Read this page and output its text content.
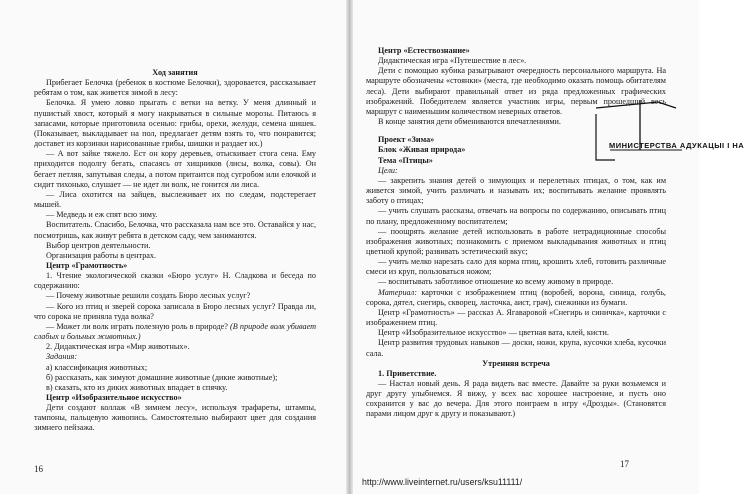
Ход занятия

Прибегает Белочка (ребенок в костюме Белочки), здоровается, рассказывает ребятам о том, как живется зимой в лесу:

Белочка. Я умею ловко прыгать с ветки на ветку. У меня длинный и пушистый хвост, который я могу накрываться в сильные морозы. Питаюсь я запасами, которые приготовила осенью: грибы, орехи, желуди, семена шишек. (Показывает, выкладывает на пол, предлагает детям взять то, что понравится; доставет из корзинки нарисованные грибы, шишки и раздает их.)

— А вот зайке тяжело. Ест он кору деревьев, отыскивает стога сена. Ему приходится подолгу бегать, спасаясь от хищников (лисы, волка, совы). Он бегает петляя, запутывая следы, а потом притаится под сугробом или елочкой и сидит тихонько, слушает — не идет ли волк, не гонится ли лиса.

— Лиса охотится на зайцев, выслеживает их по следам, подстерегает мышей.

— Медведь и еж спят всю зиму.

Воспитатель. Спасибо, Белочка, что рассказала нам все это. Оставайся у нас, посмотришь, как живут ребята в детском саду, чем занимаются.

Выбор центров деятельности.

Организация работы в центрах.

Центр «Грамотность»

1. Чтение экологической сказки «Бюро услуг» Н. Сладкова и беседа по содержанию:

— Почему животные решили создать Бюро лесных услуг?

— Кого из птиц и зверей сорока записала в Бюро лесных услуг? Правда ли, что сорока не приняла туда волка?

— Может ли волк играть полезную роль в природе? (В природе волк убивает слабых и больных животных.)

2. Дидактическая игра «Мир животных».

Задания:

а) классификация животных;

б) рассказать, как зимуют домашние животные (дикие животные);

в) сказать, кто из диких животных впадает в спячку.

Центр «Изобразительное искусство»

Дети создают коллаж «В зимнем лесу», используя трафареты, штампы, тампоны, пальцевую живопись. Самостоятельно выбирают цвет для создания зимнего пейзажа.

16

Центр «Естествознание»

Дидактическая игра «Путешествие в лес».

Дети с помощью кубика разыгрывают очередность персонального маршрута. На маршруте обозначены «стоянки» (места, где необходимо оказать помощь обитателям леса). Дети выбирают правильный ответ из ряда предложенных графических изображений. Победителем является участник игры, первым прошедший весь маршрут с наименьшим количеством неверных ответов.

В конце занятия дети обмениваются впечатлениями.

Проект «Зима»

Блок «Живая природа»

Тема «Птицы»

Цели:

— закрепить знания детей о зимующих и перелетных птицах, о том, как им живется зимой, учить различать и называть их; воспитывать желание проявлять заботу о птицах;

— учить слушать рассказы, отвечать на вопросы по содержанию, описывать птиц по плану, предложенному воспитателем;

— поощрять желание детей использовать в работе нетрадиционные способы изображения животных; познакомить с приемом выкладывания животных и птиц цветной крупой; развивать эстетический вкус;

— учить мелко нарезать сало для корма птиц, крошить хлеб, готовить различные смеси из круп, пользоваться ножом;

— воспитывать заботливое отношение ко всему живому в природе.

Материал: карточки с изображением птиц (воробей, ворона, синица, голубь, сорока, дятел, снегирь, скворец, ласточка, аист, грач), снежинки из бумаги.

Центр «Грамотность» — рассказ А. Ягаваровой «Снегирь и синичка», карточки с изображением птиц.

Центр «Изобразительное искусство» — цветная вата, клей, кисти.

Центр развития трудовых навыков — доски, ножи, крупа, кусочки хлеба, кусочки сала.

Утренняя встреча

1. Приветствие.

— Настал новый день. Я рада видеть вас вместе. Давайте за руки возьмемся и друг другу улыбнемся. Я вижу, у всех вас хорошее настроение, и пусть оно сохранится у вас до вечера. Для этого поиграем в игру «Дрозды». (Становятся парами лицом друг к другу и показывают.)

17
МИНИСТЕРСТВА АДУКАЦЫІ І НА
http://www.liveinternet.ru/users/ksu11111/
